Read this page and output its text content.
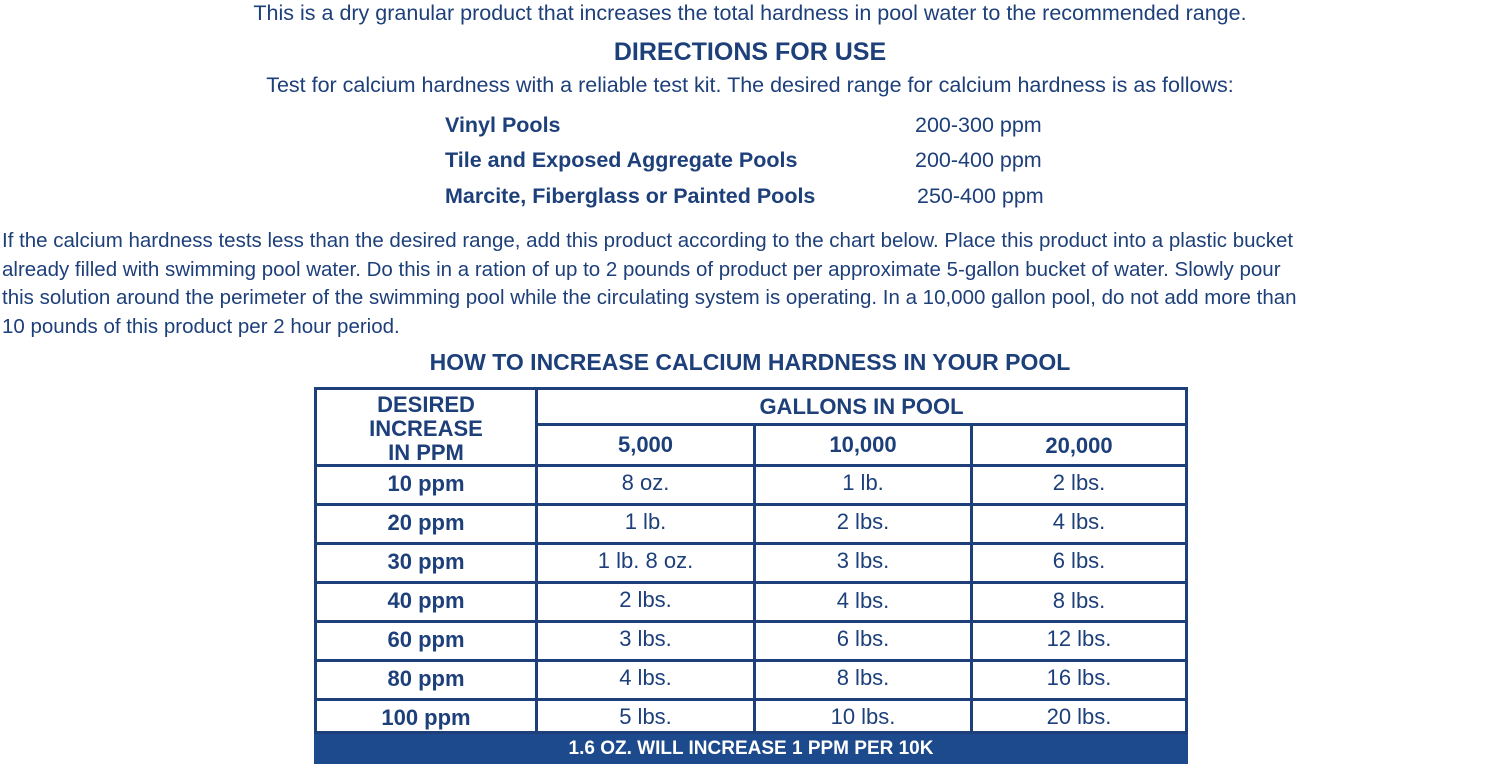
This is a dry granular product that increases the total hardness in pool water to the recommended range.
DIRECTIONS FOR USE
Test for calcium hardness with a reliable test kit. The desired range for calcium hardness is as follows:
Vinyl Pools	200-300 ppm
Tile and Exposed Aggregate Pools	200-400 ppm
Marcite, Fiberglass or Painted Pools	250-400 ppm
If the calcium hardness tests less than the desired range, add this product according to the chart below. Place this product into a plastic bucket
already filled with swimming pool water. Do this in a ration of up to 2 pounds of product per approximate 5-gallon bucket of water. Slowly pour
this solution around the perimeter of the swimming pool while the circulating system is operating. In a 10,000 gallon pool, do not add more than
10 pounds of this product per 2 hour period.
HOW TO INCREASE CALCIUM HARDNESS IN YOUR POOL
DESIRED
INCREASE
IN PPM
GALLONS IN POOL
5,000	10,000	20,000
10 ppm	8 oz.	1 lb.	2 lbs.
20 ppm	1 lb.	2 lbs.	4 lbs.
30 ppm	1 lb. 8 oz.	3 lbs.	6 lbs.
40 ppm	2 lbs.	4 lbs.	8 lbs.
60 ppm	3 lbs.	6 lbs.	12 lbs.
80 ppm	4 lbs.	8 lbs.	16 lbs.
100 ppm	5 lbs.	10 lbs.	20 lbs.
1.6 OZ. WILL INCREASE 1 PPM PER 10K
